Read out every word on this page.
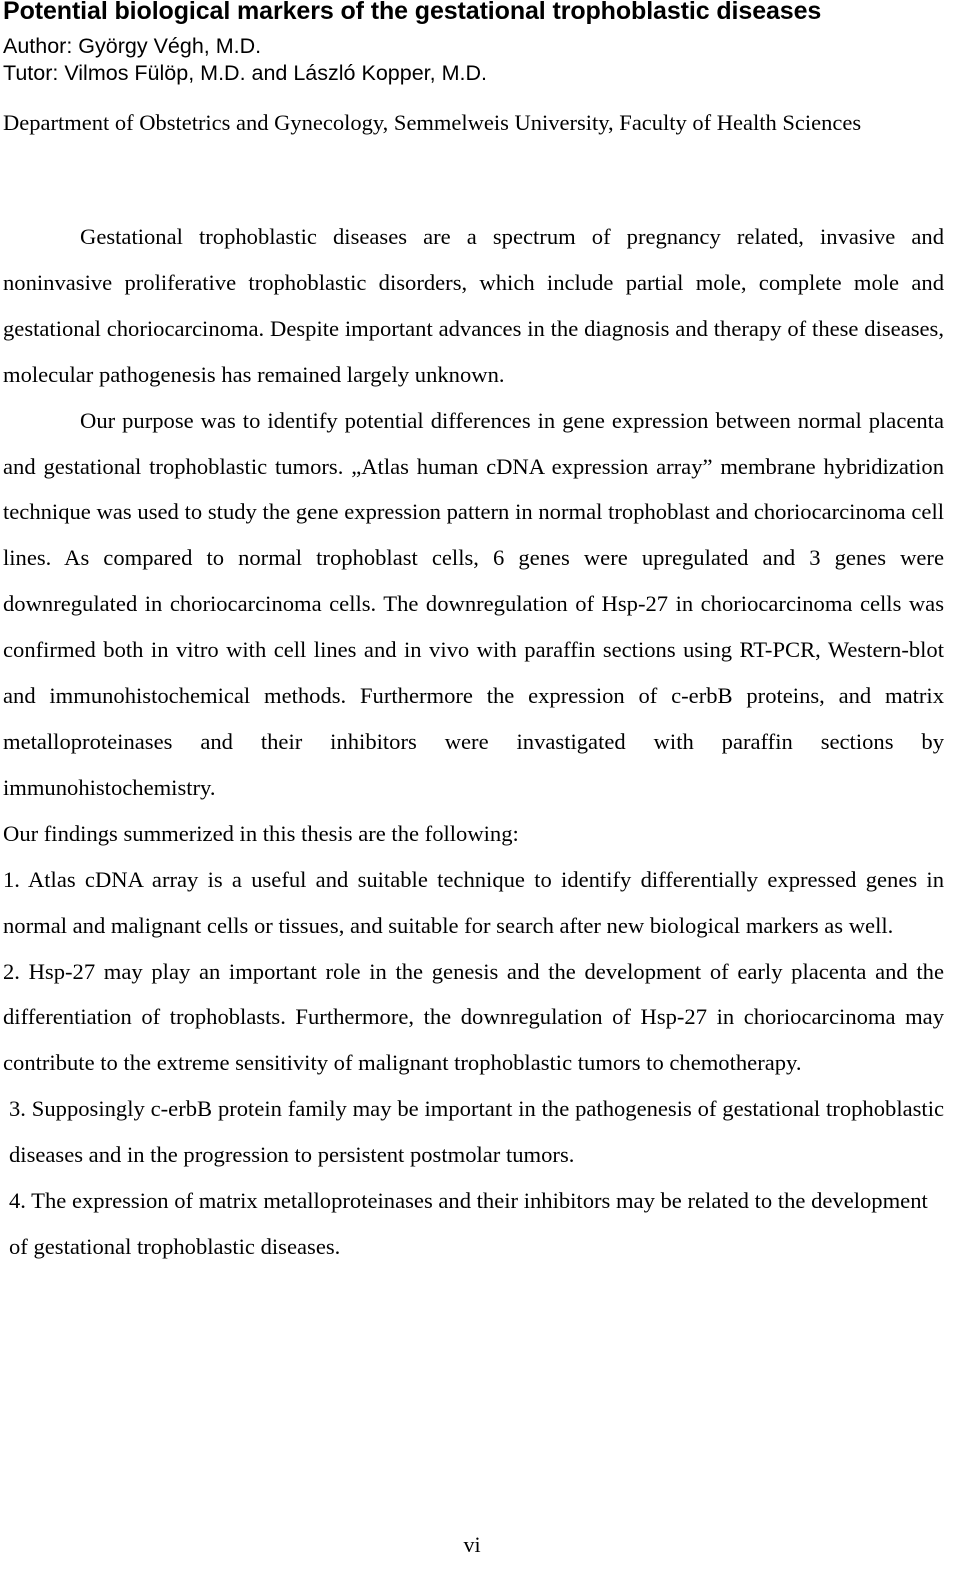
Potential biological markers of the gestational trophoblastic diseases
Author: György Végh, M.D.
Tutor: Vilmos Fülöp, M.D. and László Kopper, M.D.
Department of Obstetrics and Gynecology, Semmelweis University, Faculty of Health Sciences

Gestational trophoblastic diseases are a spectrum of pregnancy related, invasive and noninvasive proliferative trophoblastic disorders, which include partial mole, complete mole and gestational choriocarcinoma. Despite important advances in the diagnosis and therapy of these diseases, molecular pathogenesis has remained largely unknown.

Our purpose was to identify potential differences in gene expression between normal placenta and gestational trophoblastic tumors. „Atlas human cDNA expression array” membrane hybridization technique was used to study the gene expression pattern in normal trophoblast and choriocarcinoma cell lines. As compared to normal trophoblast cells, 6 genes were upregulated and 3 genes were downregulated in choriocarcinoma cells. The downregulation of Hsp-27 in choriocarcinoma cells was confirmed both in vitro with cell lines and in vivo with paraffin sections using RT-PCR, Western-blot and immunohistochemical methods. Furthermore the expression of c-erbB proteins, and matrix metalloproteinases and their inhibitors were invastigated with paraffin sections by immunohistochemistry.

Our findings summerized in this thesis are the following:

1. Atlas cDNA array is a useful and suitable technique to identify differentially expressed genes in normal and malignant cells or tissues, and suitable for search after new biological markers as well.

2. Hsp-27 may play an important role in the genesis and the development of early placenta and the differentiation of trophoblasts. Furthermore, the downregulation of Hsp-27 in choriocarcinoma may contribute to the extreme sensitivity of malignant trophoblastic tumors to chemotherapy.

3. Supposingly c-erbB protein family may be important in the pathogenesis of gestational trophoblastic diseases and in the progression to persistent postmolar tumors.

4. The expression of matrix metalloproteinases and their inhibitors may be related to the development of gestational trophoblastic diseases.

vi
